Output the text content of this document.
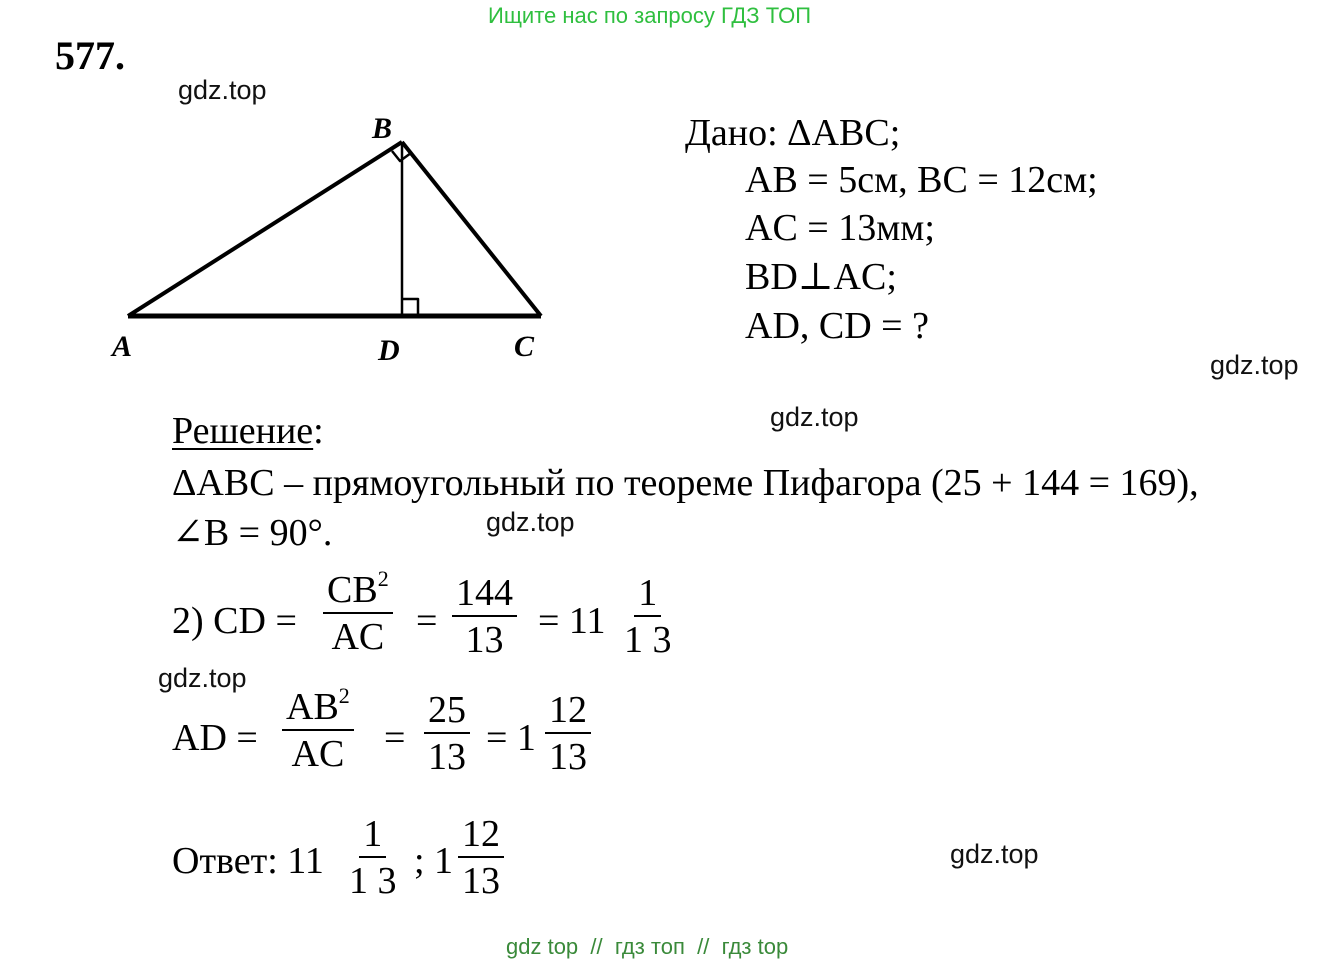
Ищите нас по запросу ГДЗ ТОП
577.
gdz.top
gdz.top
gdz.top
gdz.top
gdz.top
gdz.top
B
A	D	C
Дано: ΔABC;
AB = 5см, BC = 12см;
AC = 13мм;
BD⊥AC;
AD, CD = ?
Решение:
ΔABC – прямоугольный по теореме Пифагора (25 + 144 = 169),
∠B = 90°.
2) CD = $\frac{CB^2}{AC} = \frac{144}{13} = 11 \frac{1}{1 3}$
AD = $\frac{AB^2}{AC} = \frac{25}{13} = 1 \frac{12}{13}$
Ответ: $11 \frac{1}{1 3}$ ; $1 \frac{12}{13}$
gdz top  //  гдз топ  //  гдз top
